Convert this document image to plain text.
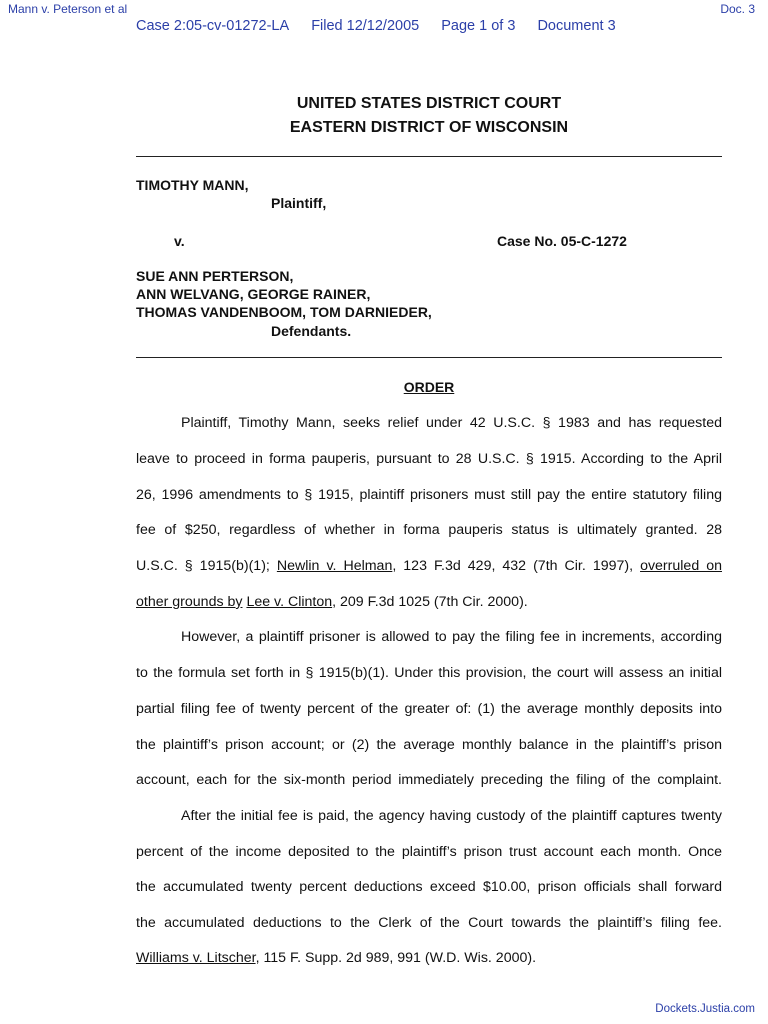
Mann v. Peterson et al	Doc. 3
Case 2:05-cv-01272-LA Filed 12/12/2005 Page 1 of 3 Document 3
UNITED STATES DISTRICT COURT
EASTERN DISTRICT OF WISCONSIN
TIMOTHY MANN,
Plaintiff,
v.	Case No. 05-C-1272
SUE ANN PERTERSON,
ANN WELVANG, GEORGE RAINER,
THOMAS VANDENBOOM, TOM DARNIEDER,
Defendants.
ORDER
Plaintiff, Timothy Mann, seeks relief under 42 U.S.C. § 1983 and has requested
leave to proceed in forma pauperis, pursuant to 28 U.S.C. § 1915. According to the April
26, 1996 amendments to § 1915, plaintiff prisoners must still pay the entire statutory filing
fee of $250, regardless of whether in forma pauperis status is ultimately granted. 28
U.S.C. § 1915(b)(1); Newlin v. Helman, 123 F.3d 429, 432 (7th Cir. 1997), overruled on
other grounds by Lee v. Clinton, 209 F.3d 1025 (7th Cir. 2000).
However, a plaintiff prisoner is allowed to pay the filing fee in increments, according
to the formula set forth in § 1915(b)(1). Under this provision, the court will assess an initial
partial filing fee of twenty percent of the greater of: (1) the average monthly deposits into
the plaintiff’s prison account; or (2) the average monthly balance in the plaintiff’s prison
account, each for the six-month period immediately preceding the filing of the complaint.
After the initial fee is paid, the agency having custody of the plaintiff captures twenty
percent of the income deposited to the plaintiff’s prison trust account each month. Once
the accumulated twenty percent deductions exceed $10.00, prison officials shall forward
the accumulated deductions to the Clerk of the Court towards the plaintiff’s filing fee.
Williams v. Litscher, 115 F. Supp. 2d 989, 991 (W.D. Wis. 2000).
Dockets.Justia.com
